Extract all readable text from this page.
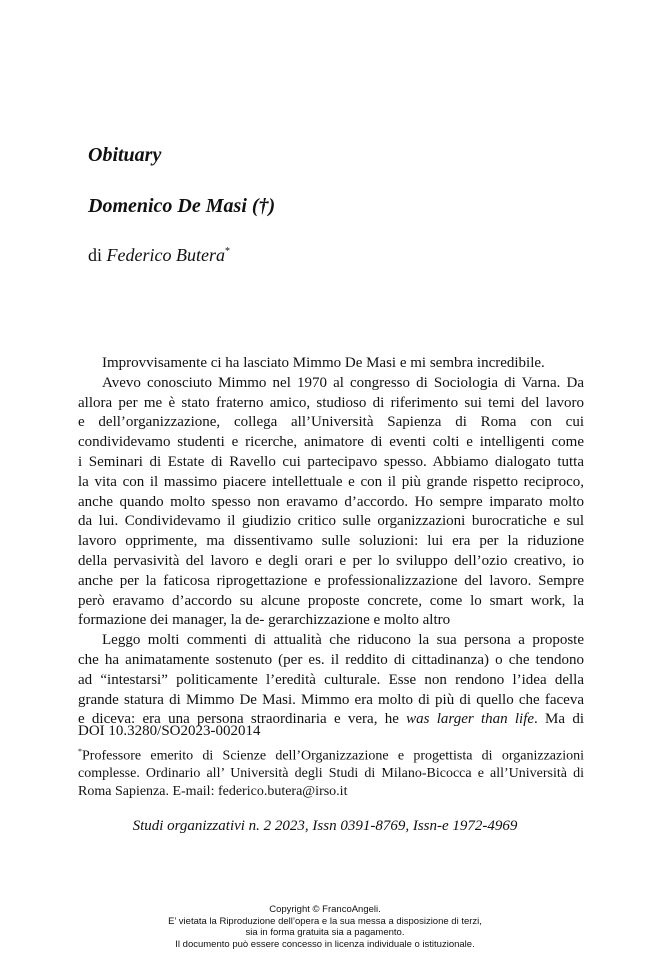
Obituary
Domenico De Masi (†)
di Federico Butera*
Improvvisamente ci ha lasciato Mimmo De Masi e mi sembra incredibile.
Avevo conosciuto Mimmo nel 1970 al congresso di Sociologia di Varna. Da
allora per me è stato fraterno amico, studioso di riferimento sui temi del lavoro
e dell’organizzazione, collega all’Università Sapienza di Roma con cui
condividevamo studenti e ricerche, animatore di eventi colti e intelligenti come
i Seminari di Estate di Ravello cui partecipavo spesso. Abbiamo dialogato tutta
la vita con il massimo piacere intellettuale e con il più grande rispetto reciproco,
anche quando molto spesso non eravamo d’accordo. Ho sempre imparato molto
da lui. Condividevamo il giudizio critico sulle organizzazioni burocratiche e sul
lavoro opprimente, ma dissentivamo sulle soluzioni: lui era per la riduzione
della pervasività del lavoro e degli orari e per lo sviluppo dell’ozio creativo, io
anche per la faticosa riprogettazione e professionalizzazione del lavoro. Sempre
però eravamo d’accordo su alcune proposte concrete, come lo smart work, la
formazione dei manager, la de- gerarchizzazione e molto altro
Leggo molti commenti di attualità che riducono la sua persona a proposte
che ha animatamente sostenuto (per es. il reddito di cittadinanza) o che tendono
ad “intestarsi” politicamente l’eredità culturale. Esse non rendono l’idea della
grande statura di Mimmo De Masi. Mimmo era molto di più di quello che faceva
e diceva: era una persona straordinaria e vera, he was larger than life. Ma di
DOI 10.3280/SO2023-002014
*Professore emerito di Scienze dell’Organizzazione e progettista di organizzazioni
complesse. Ordinario all’ Università degli Studi di Milano-Bicocca e all’Università di
Roma Sapienza. E-mail: federico.butera@irso.it
Studi organizzativi n. 2 2023, Issn 0391-8769, Issn-e 1972-4969
Copyright © FrancoAngeli.
E’ vietata la Riproduzione dell’opera e la sua messa a disposizione di terzi,
sia in forma gratuita sia a pagamento.
Il documento può essere concesso in licenza individuale o istituzionale.
